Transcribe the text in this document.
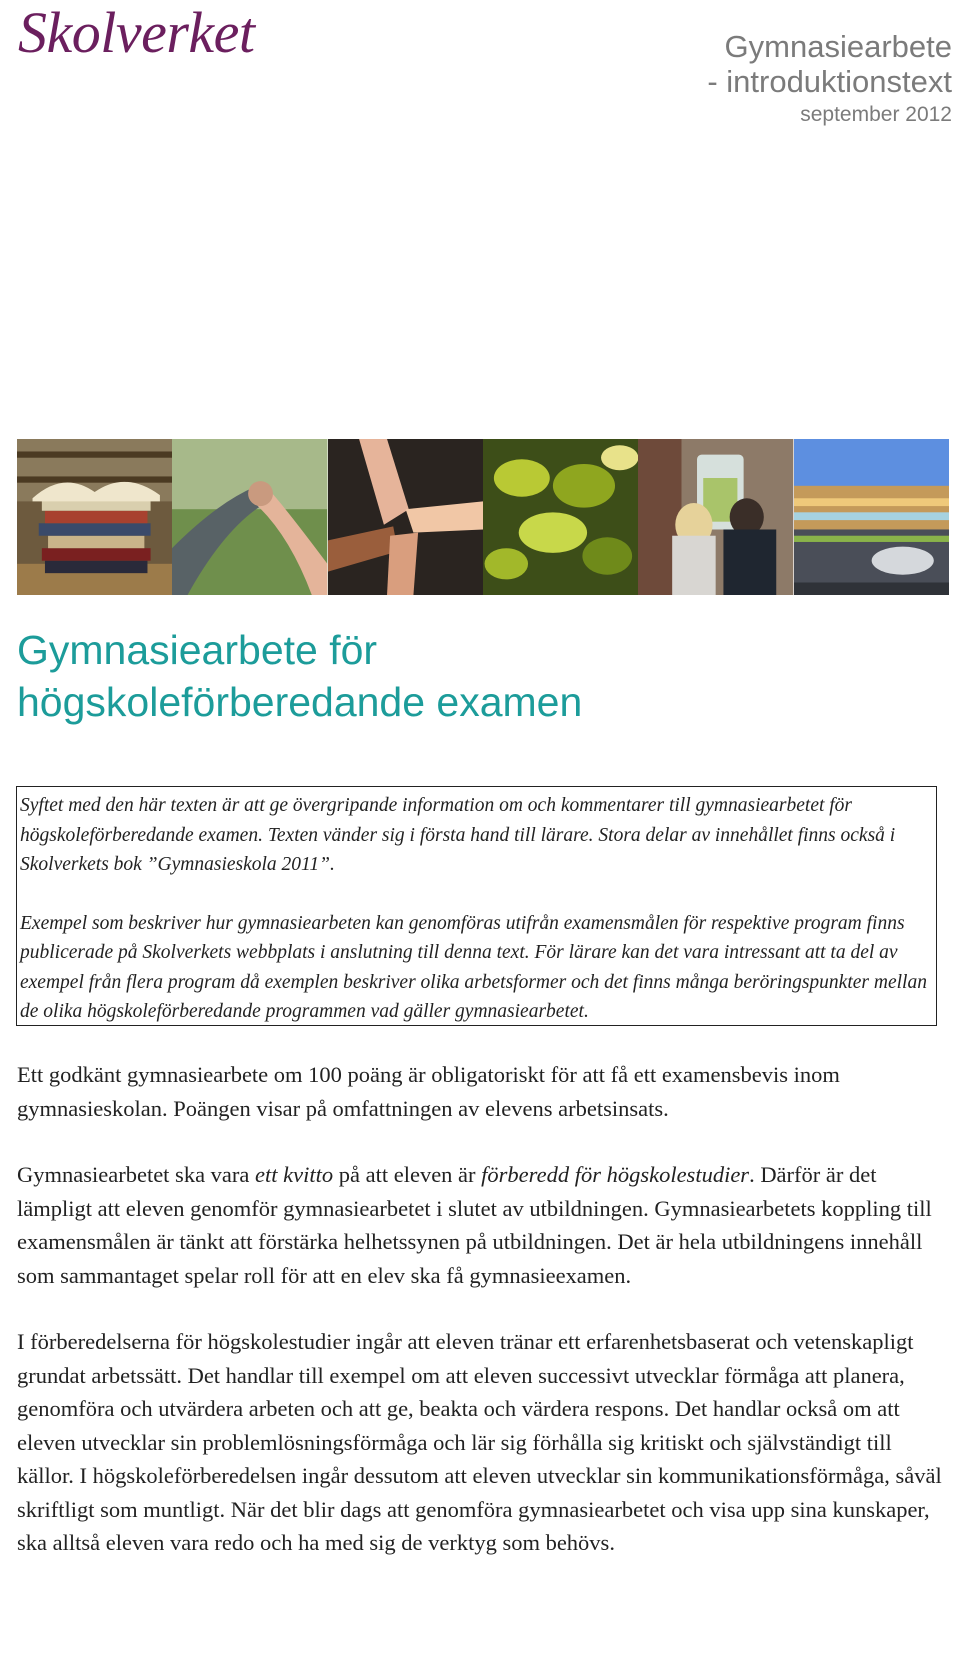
Skolverket	Gymnasiearbete
- introduktionstext
september 2012
Gymnasiearbete för
högskoleförberedande examen

Syftet med den här texten är att ge övergripande information om och kommentarer till gymnasiearbetet för högskoleförberedande examen. Texten vänder sig i första hand till lärare. Stora delar av innehållet finns också i Skolverkets bok ”Gymnasieskola 2011”.

Exempel som beskriver hur gymnasiearbeten kan genomföras utifrån examensmålen för respektive program finns publicerade på Skolverkets webbplats i anslutning till denna text. För lärare kan det vara intressant att ta del av exempel från flera program då exemplen beskriver olika arbetsformer och det finns många beröringspunkter mellan de olika högskoleförberedande programmen vad gäller gymnasiearbetet.

Ett godkänt gymnasiearbete om 100 poäng är obligatoriskt för att få ett examensbevis inom gymnasieskolan. Poängen visar på omfattningen av elevens arbetsinsats.

Gymnasiearbetet ska vara ett kvitto på att eleven är förberedd för högskolestudier. Därför är det lämpligt att eleven genomför gymnasiearbetet i slutet av utbildningen. Gymnasiearbetets koppling till examensmålen är tänkt att förstärka helhetssynen på utbildningen. Det är hela utbildningens innehåll som sammantaget spelar roll för att en elev ska få gymnasieexamen.

I förberedelserna för högskolestudier ingår att eleven tränar ett erfarenhetsbaserat och vetenskapligt grundat arbetssätt. Det handlar till exempel om att eleven successivt utvecklar förmåga att planera, genomföra och utvärdera arbeten och att ge, beakta och värdera respons. Det handlar också om att eleven utvecklar sin problemlösningsförmåga och lär sig förhålla sig kritiskt och självständigt till källor. I högskoleförberedelsen ingår dessutom att eleven utvecklar sin kommunikationsförmåga, såväl skriftligt som muntligt. När det blir dags att genomföra gymnasiearbetet och visa upp sina kunskaper, ska alltså eleven vara redo och ha med sig de verktyg som behövs.
